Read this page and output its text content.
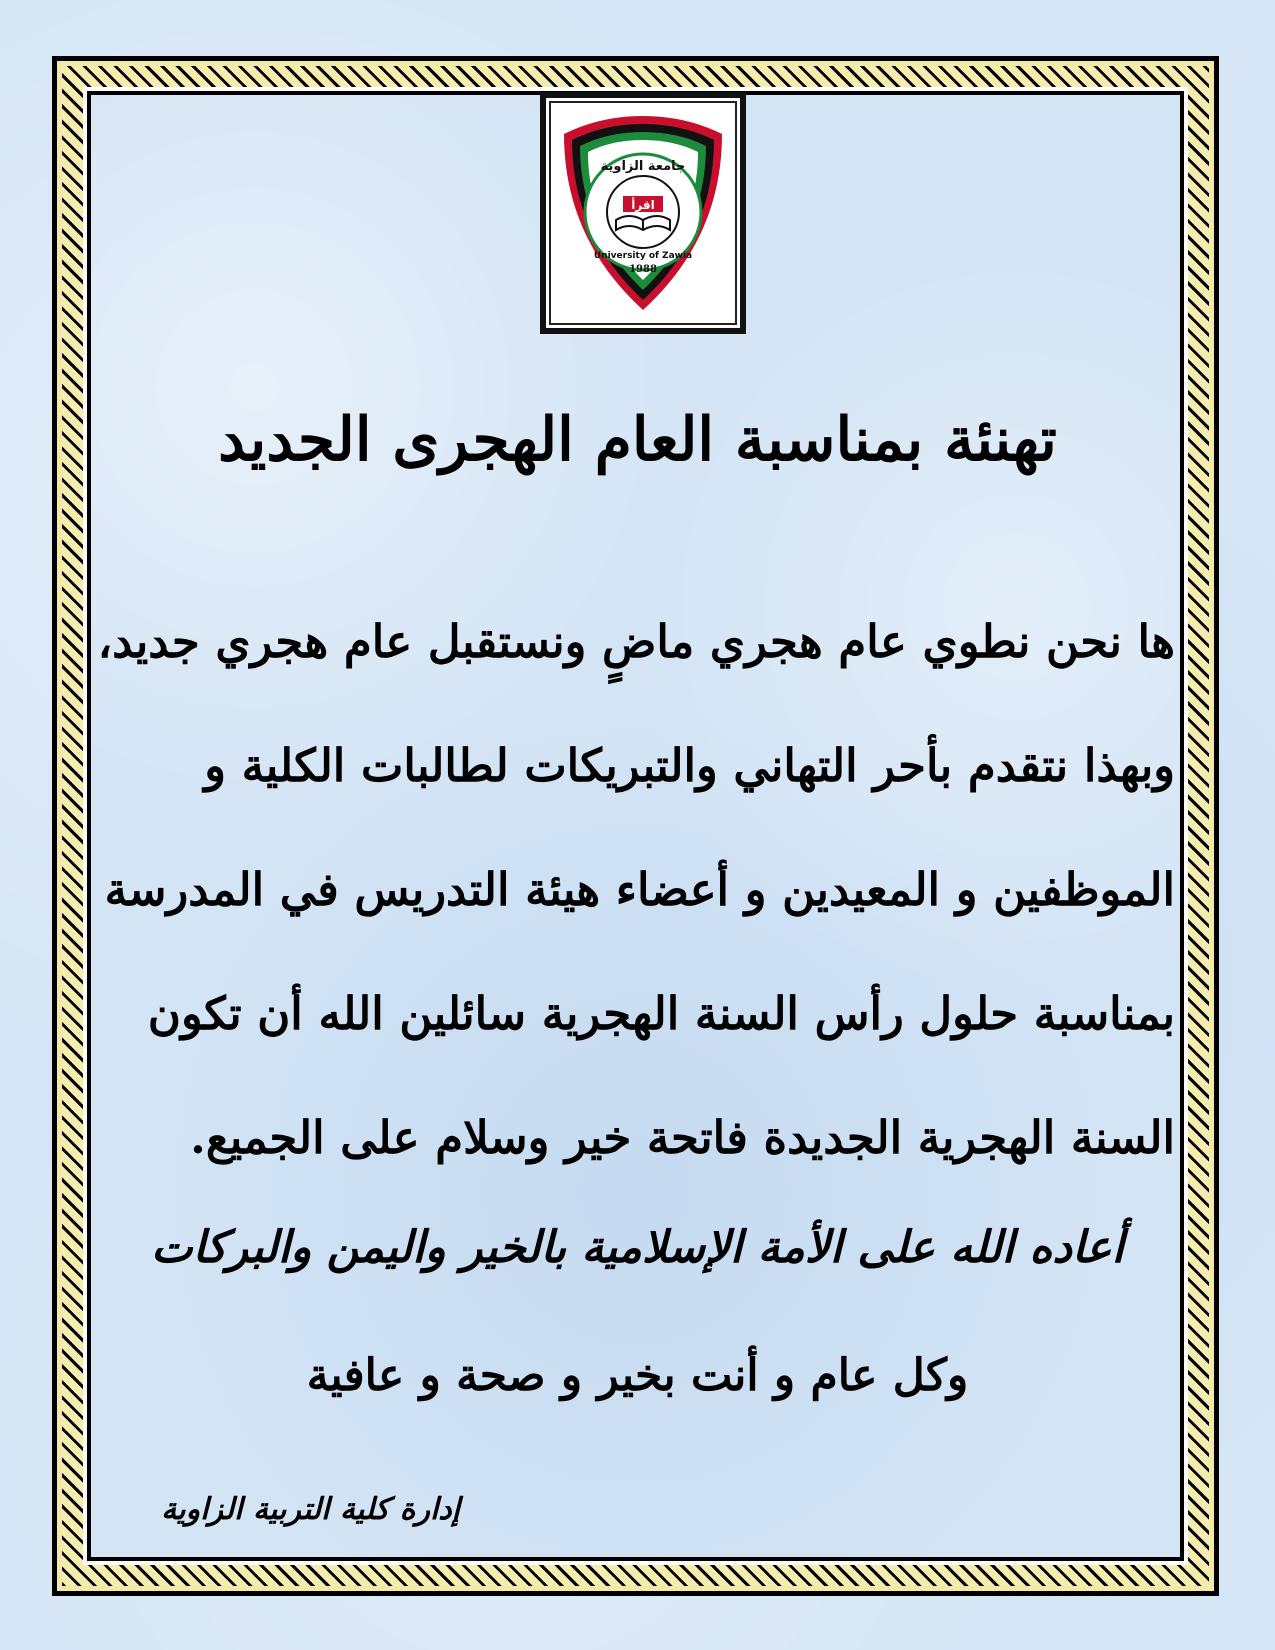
اقرأ
جامعة الزاوية
University of Zawia
1988
تهنئة بمناسبة العام الهجرى الجديد
ها نحن نطوي عام هجري ماضٍ ونستقبل عام هجري جديد،
وبهذا نتقدم بأحر التهاني والتبريكات لطالبات الكلية و
الموظفين و المعيدين و أعضاء هيئة التدريس في المدرسة
بمناسبة حلول رأس السنة الهجرية سائلين الله أن تكون
السنة الهجرية الجديدة فاتحة خير وسلام على الجميع.
أعاده الله على الأمة الإسلامية بالخير واليمن والبركات
وكل عام و أنت بخير و صحة و عافية
إدارة كلية التربية الزاوية
